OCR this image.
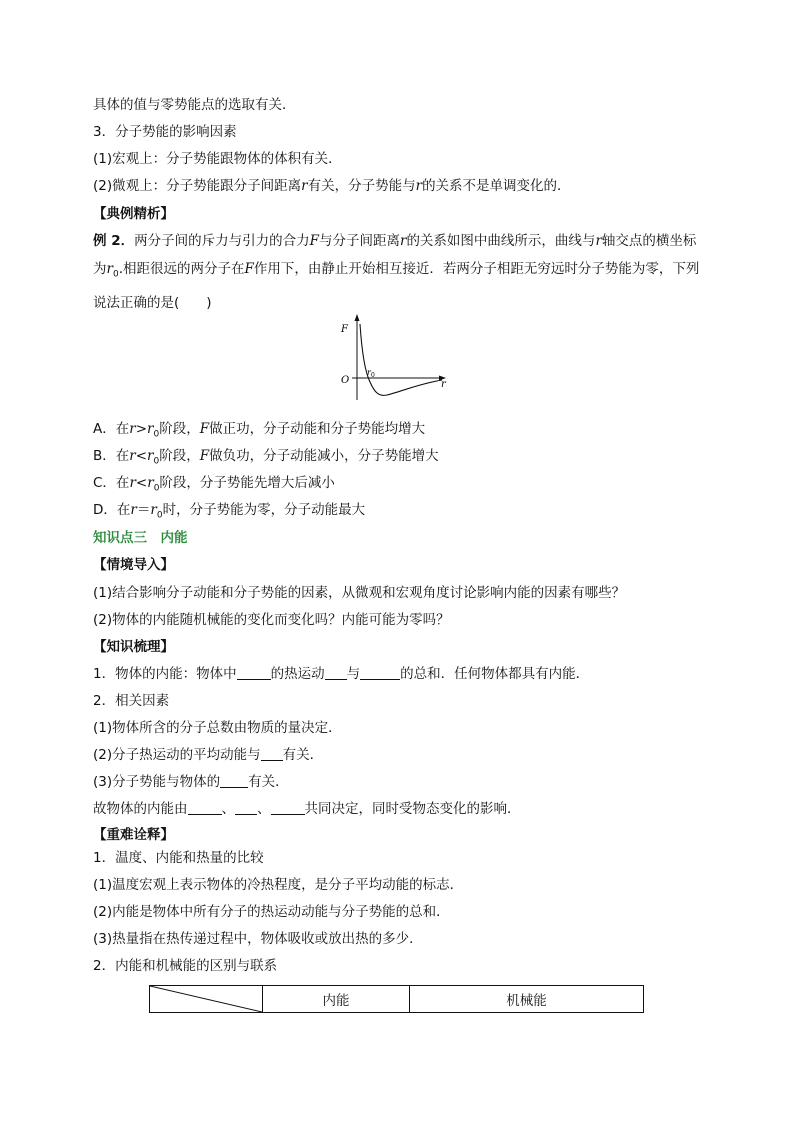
具体的值与零势能点的选取有关．
3．分子势能的影响因素
(1)宏观上：分子势能跟物体的体积有关．
(2)微观上：分子势能跟分子间距离r有关，分子势能与r的关系不是单调变化的．
【典例精析】
例 2．两分子间的斥力与引力的合力F与分子间距离r的关系如图中曲线所示，曲线与r轴交点的横坐标为$r_0$.相距很远的两分子在F作用下，由静止开始相互接近．若两分子相距无穷远时分子势能为零，下列说法正确的是(　　)
F
O	r
r 0
A．在$r>r_0$阶段，F做正功，分子动能和分子势能均增大
B．在$r<r_0$阶段，F做负功，分子动能减小，分子势能增大
C．在$r<r_0$阶段，分子势能先增大后减小
D．在$r=r_0$时，分子势能为零，分子动能最大
知识点三　内能
【情境导入】
(1)结合影响分子动能和分子势能的因素，从微观和宏观角度讨论影响内能的因素有哪些？
(2)物体的内能随机械能的变化而变化吗？内能可能为零吗？
【知识梳理】
1．物体的内能：物体中	的热运动 与	的总和．任何物体都具有内能．
2．相关因素
(1)物体所含的分子总数由物质的量决定．
(2)分子热运动的平均动能与 有关．
(3)分子势能与物体的 有关．
故物体的内能由	、 、	共同决定，同时受物态变化的影响．
【重难诠释】
1．温度、内能和热量的比较
(1)温度宏观上表示物体的冷热程度，是分子平均动能的标志．
(2)内能是物体中所有分子的热运动动能与分子势能的总和．
(3)热量指在热传递过程中，物体吸收或放出热的多少．
2．内能和机械能的区别与联系
	内能	机械能
